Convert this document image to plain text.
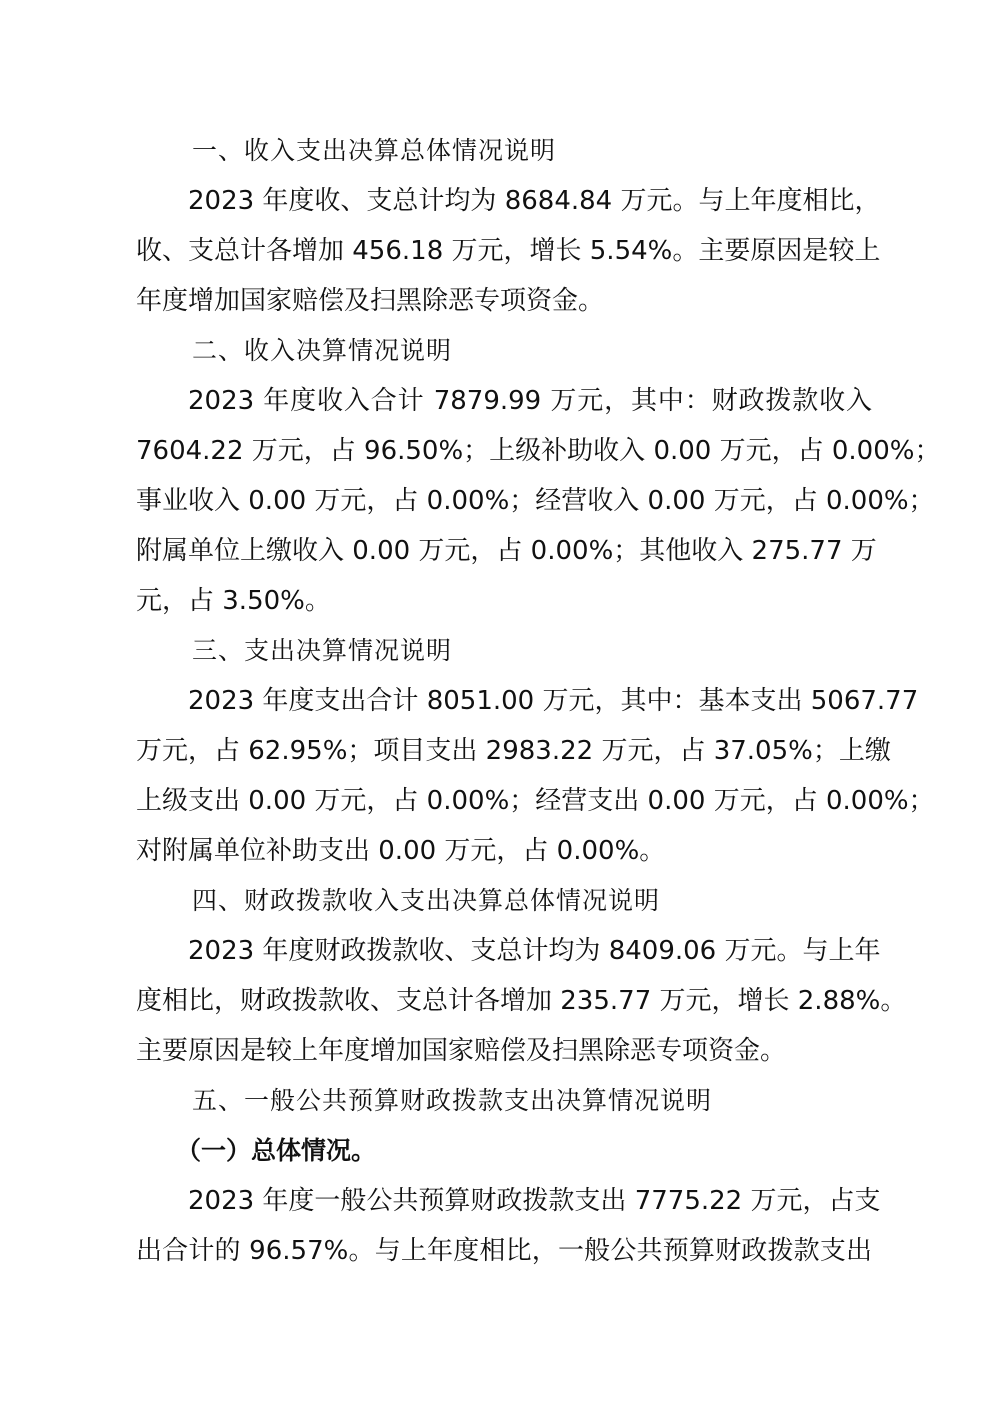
一、收入支出决算总体情况说明

2023 年度收、支总计均为 8684.84 万元。与上年度相比，
收、支总计各增加 456.18 万元，增长 5.54%。主要原因是较上
年度增加国家赔偿及扫黑除恶专项资金。

二、收入决算情况说明

2023 年度收入合计 7879.99 万元，其中：财政拨款收入
7604.22 万元，占 96.50%；上级补助收入 0.00 万元，占 0.00%；
事业收入 0.00 万元，占 0.00%；经营收入 0.00 万元，占 0.00%；
附属单位上缴收入 0.00 万元，占 0.00%；其他收入 275.77 万
元，占 3.50%。

三、支出决算情况说明

2023 年度支出合计 8051.00 万元，其中：基本支出 5067.77
万元，占 62.95%；项目支出 2983.22 万元，占 37.05%；上缴
上级支出 0.00 万元，占 0.00%；经营支出 0.00 万元，占 0.00%；
对附属单位补助支出 0.00 万元，占 0.00%。

四、财政拨款收入支出决算总体情况说明

2023 年度财政拨款收、支总计均为 8409.06 万元。与上年
度相比，财政拨款收、支总计各增加 235.77 万元，增长 2.88%。
主要原因是较上年度增加国家赔偿及扫黑除恶专项资金。

五、一般公共预算财政拨款支出决算情况说明
（一）总体情况。

2023 年度一般公共预算财政拨款支出 7775.22 万元，占支
出合计的 96.57%。与上年度相比，一般公共预算财政拨款支出
